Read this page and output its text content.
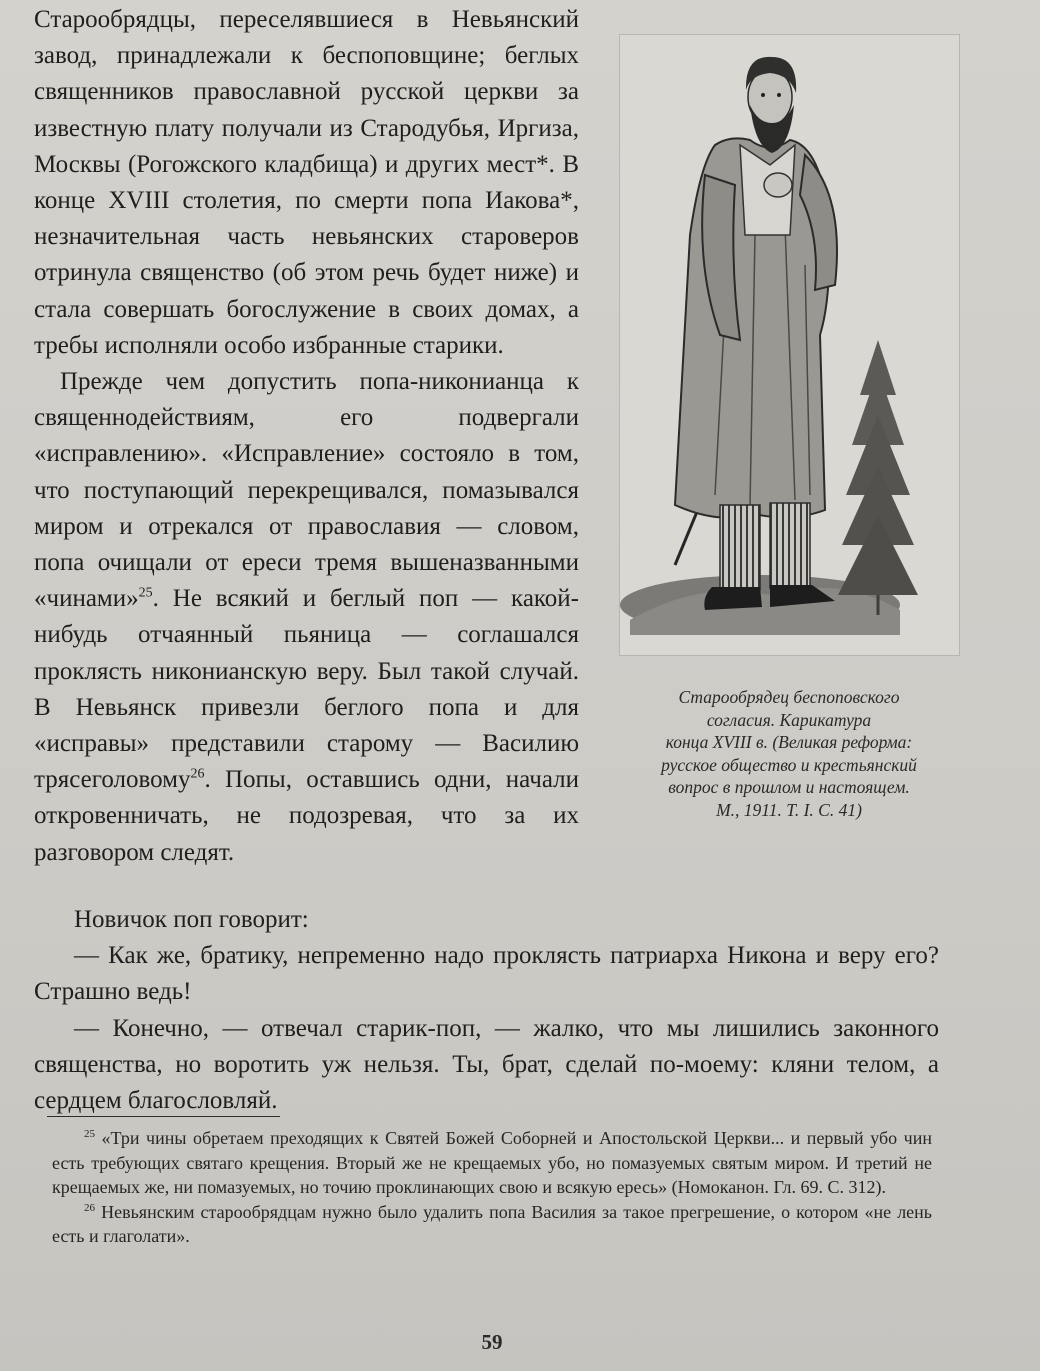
Старообрядцы, переселявшиеся в Невьянский завод, принадлежали к беспоповщине; беглых священников православной русской церкви за известную плату получали из Стародубья, Иргиза, Москвы (Рогожского кладбища) и других мест*. В конце XVIII столетия, по смерти попа Иакова*, незначительная часть невьянских староверов отринула священство (об этом речь будет ниже) и стала совершать богослужение в своих домах, а требы исполняли особо избранные старики.

Прежде чем допустить попа-никонианца к священнодействиям, его подвергали «исправлению». «Исправление» состояло в том, что поступающий перекрещивался, помазывался миром и отрекался от православия — словом, попа очищали от ереси тремя вышеназванными «чинами»$^{25}$. Не всякий и беглый поп — какой-нибудь отчаянный пьяница — соглашался проклясть никонианскую веру. Был такой случай. В Невьянск привезли беглого попа и для «исправы» представили старому — Василию трясеголовому$^{26}$. Попы, оставшись одни, начали откровенничать, не подозревая, что за их разговором следят.

Старообрядец беспоповского
согласия. Карикатура
конца XVIII в. (Великая реформа:
русское общество и крестьянский
вопрос в прошлом и настоящем.
М., 1911. Т. I. С. 41)

Новичок поп говорит:

— Как же, братику, непременно надо проклясть патриарха Никона и веру его? Страшно ведь!

— Конечно, — отвечал старик-поп, — жалко, что мы лишились законного священства, но воротить уж нельзя. Ты, брат, сделай по-моему: кляни телом, а сердцем благословляй.

$^{25}$ «Три чины обретаем преходящих к Святей Божей Соборней и Апостольской Церкви... и первый убо чин есть требующих святаго крещения. Вторый же не крещаемых убо, но помазуемых святым миром. И третий не крещаемых же, ни помазуемых, но точию проклинающих свою и всякую ересь» (Номоканон. Гл. 69. С. 312).

$^{26}$ Невьянским старообрядцам нужно было удалить попа Василия за такое прегрешение, о котором «не лень есть и глаголати».

59
